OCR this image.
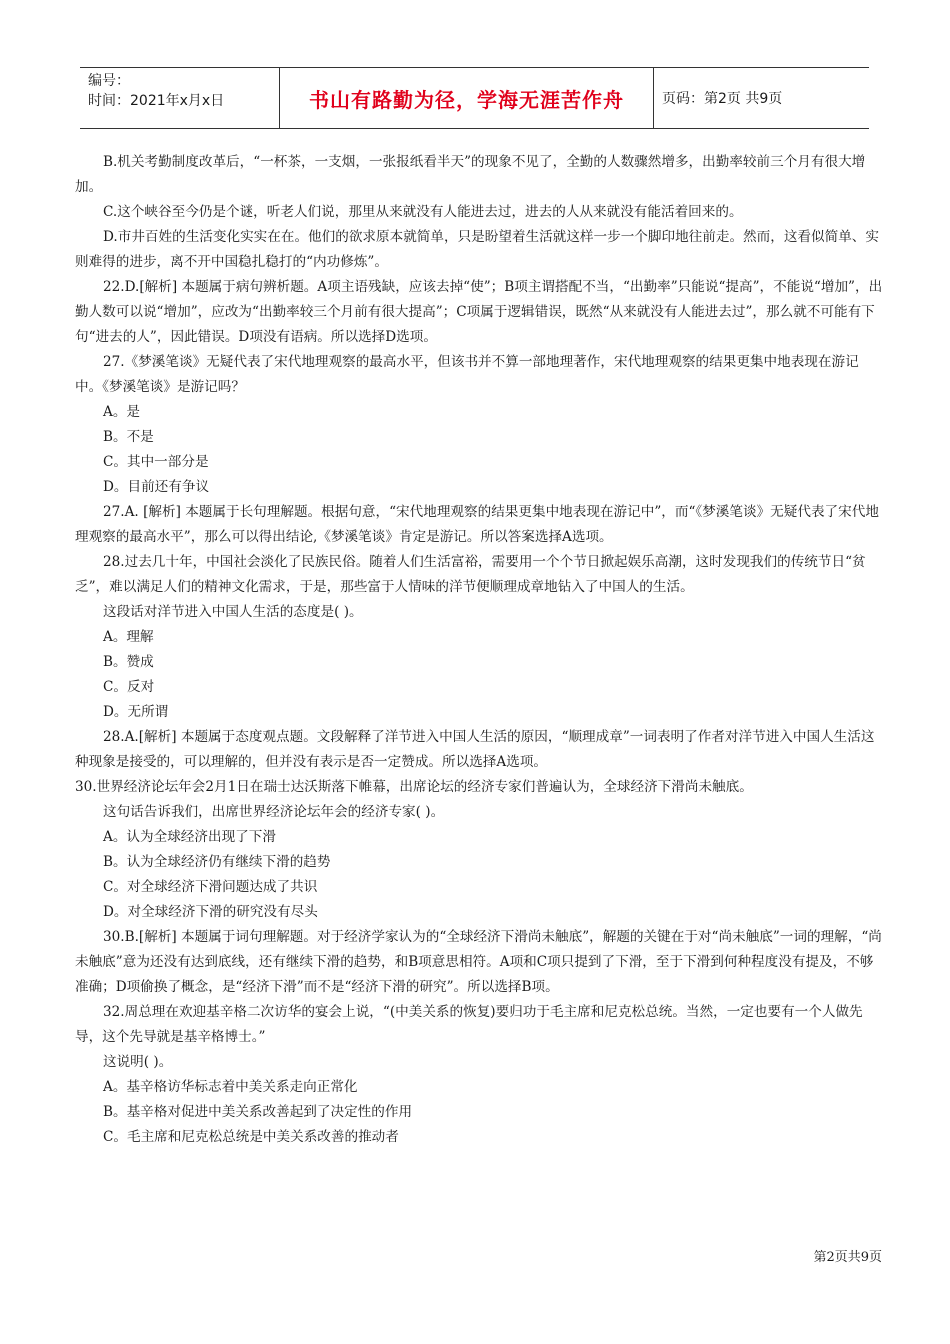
编号：
时间：2021年x月x日	书山有路勤为径，学海无涯苦作舟	页码：第2页 共9页

B.机关考勤制度改革后，“一杯茶，一支烟，一张报纸看半天”的现象不见了，全勤的人数骤然增多，出勤率较前三个月有很大增加。

C.这个峡谷至今仍是个谜，听老人们说，那里从来就没有人能进去过，进去的人从来就没有能活着回来的。

D.市井百姓的生活变化实实在在。他们的欲求原本就简单，只是盼望着生活就这样一步一个脚印地往前走。然而，这看似简单、实则难得的进步，离不开中国稳扎稳打的“内功修炼”。

22.D.[解析] 本题属于病句辨析题。A项主语残缺，应该去掉“使”；B项主谓搭配不当，“出勤率”只能说“提高”，不能说“增加”，出勤人数可以说“增加”，应改为“出勤率较三个月前有很大提高”；C项属于逻辑错误，既然“从来就没有人能进去过”，那么就不可能有下句“进去的人”，因此错误。D项没有语病。所以选择D选项。

27.《梦溪笔谈》无疑代表了宋代地理观察的最高水平，但该书并不算一部地理著作，宋代地理观察的结果更集中地表现在游记中。《梦溪笔谈》是游记吗？

A。是

B。不是

C。其中一部分是

D。目前还有争议

27.A. [解析] 本题属于长句理解题。根据句意，“宋代地理观察的结果更集中地表现在游记中”，而“《梦溪笔谈》无疑代表了宋代地理观察的最高水平”，那么可以得出结论,《梦溪笔谈》肯定是游记。所以答案选择A选项。

28.过去几十年，中国社会淡化了民族民俗。随着人们生活富裕，需要用一个个节日掀起娱乐高潮，这时发现我们的传统节日“贫乏”，难以满足人们的精神文化需求，于是，那些富于人情味的洋节便顺理成章地钻入了中国人的生活。

这段话对洋节进入中国人生活的态度是( )。

A。理解

B。赞成

C。反对

D。无所谓

28.A.[解析] 本题属于态度观点题。文段解释了洋节进入中国人生活的原因，“顺理成章”一词表明了作者对洋节进入中国人生活这种现象是接受的，可以理解的，但并没有表示是否一定赞成。所以选择A选项。

30.世界经济论坛年会2月1日在瑞士达沃斯落下帷幕，出席论坛的经济专家们普遍认为，全球经济下滑尚未触底。

这句话告诉我们，出席世界经济论坛年会的经济专家( )。

A。认为全球经济出现了下滑

B。认为全球经济仍有继续下滑的趋势

C。对全球经济下滑问题达成了共识

D。对全球经济下滑的研究没有尽头

30.B.[解析] 本题属于词句理解题。对于经济学家认为的“全球经济下滑尚未触底”，解题的关键在于对“尚未触底”一词的理解，“尚未触底”意为还没有达到底线，还有继续下滑的趋势，和B项意思相符。A项和C项只提到了下滑，至于下滑到何种程度没有提及，不够准确；D项偷换了概念，是“经济下滑”而不是“经济下滑的研究”。所以选择B项。

32.周总理在欢迎基辛格二次访华的宴会上说，“(中美关系的恢复)要归功于毛主席和尼克松总统。当然，一定也要有一个人做先导，这个先导就是基辛格博士。”

这说明( )。

A。基辛格访华标志着中美关系走向正常化

B。基辛格对促进中美关系改善起到了决定性的作用

C。毛主席和尼克松总统是中美关系改善的推动者

第2页共9页
